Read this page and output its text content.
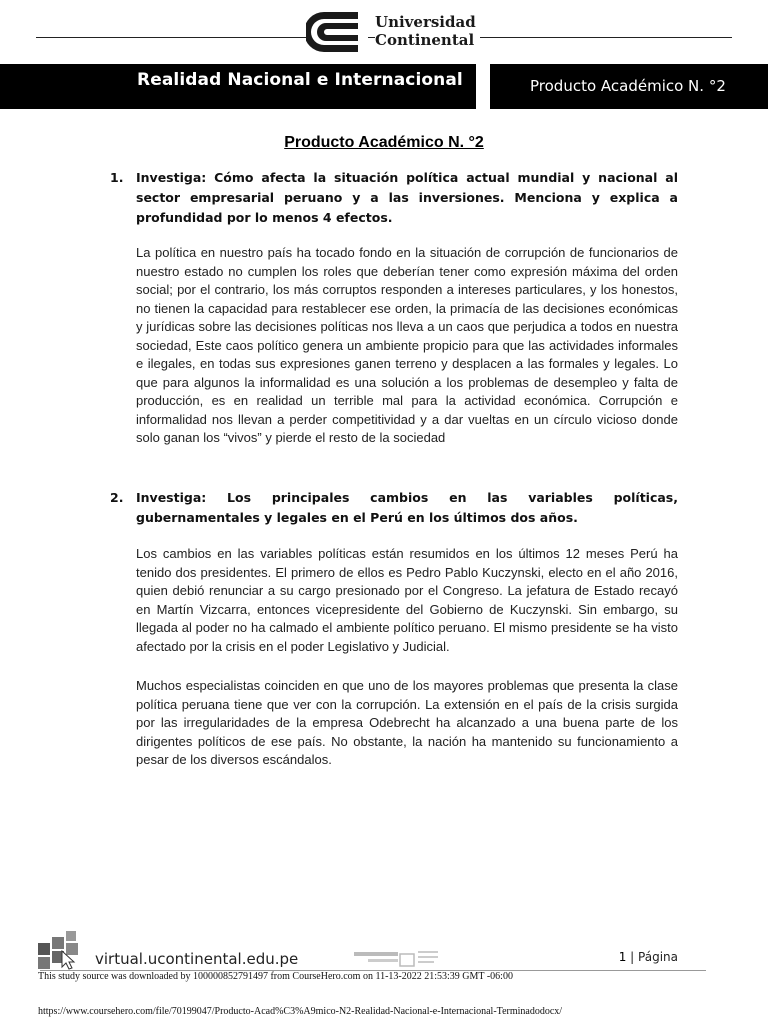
Universidad
Continental
Realidad Nacional e Internacional	Producto Académico N. °2
Producto Académico N. °2
1. Investiga: Cómo afecta la situación política actual mundial y nacional al sector empresarial peruano y a las inversiones. Menciona y explica a profundidad por lo menos 4 efectos.

La política en nuestro país ha tocado fondo en la situación de corrupción de funcionarios de nuestro estado no cumplen los roles que deberían tener como expresión máxima del orden social; por el contrario, los más corruptos responden a intereses particulares, y los honestos, no tienen la capacidad para restablecer ese orden, la primacía de las decisiones económicas y jurídicas sobre las decisiones políticas nos lleva a un caos que perjudica a todos en nuestra sociedad, Este caos político genera un ambiente propicio para que las actividades informales e ilegales, en todas sus expresiones ganen terreno y desplacen a las formales y legales. Lo que para algunos la informalidad es una solución a los problemas de desempleo y falta de producción, es en realidad un terrible mal para la actividad económica. Corrupción e informalidad nos llevan a perder competitividad y a dar vueltas en un círculo vicioso donde solo ganan los “vivos” y pierde el resto de la sociedad

2. Investiga: Los principales cambios en las variables políticas, gubernamentales y legales en el Perú en los últimos dos años.

Los cambios en las variables políticas están resumidos en los últimos 12 meses Perú ha tenido dos presidentes. El primero de ellos es Pedro Pablo Kuczynski, electo en el año 2016, quien debió renunciar a su cargo presionado por el Congreso. La jefatura de Estado recayó en Martín Vizcarra, entonces vicepresidente del Gobierno de Kuczynski. Sin embargo, su llegada al poder no ha calmado el ambiente político peruano. El mismo presidente se ha visto afectado por la crisis en el poder Legislativo y Judicial.

Muchos especialistas coinciden en que uno de los mayores problemas que presenta la clase política peruana tiene que ver con la corrupción. La extensión en el país de la crisis surgida por las irregularidades de la empresa Odebrecht ha alcanzado a una buena parte de los dirigentes políticos de ese país. No obstante, la nación ha mantenido su funcionamiento a pesar de los diversos escándalos.

virtual.ucontinental.edu.pe	1 | Página
This study source was downloaded by 100000852791497 from CourseHero.com on 11-13-2022 21:53:39 GMT -06:00
https://www.coursehero.com/file/70199047/Producto-Acad%C3%A9mico-N2-Realidad-Nacional-e-Internacional-Terminadodocx/
